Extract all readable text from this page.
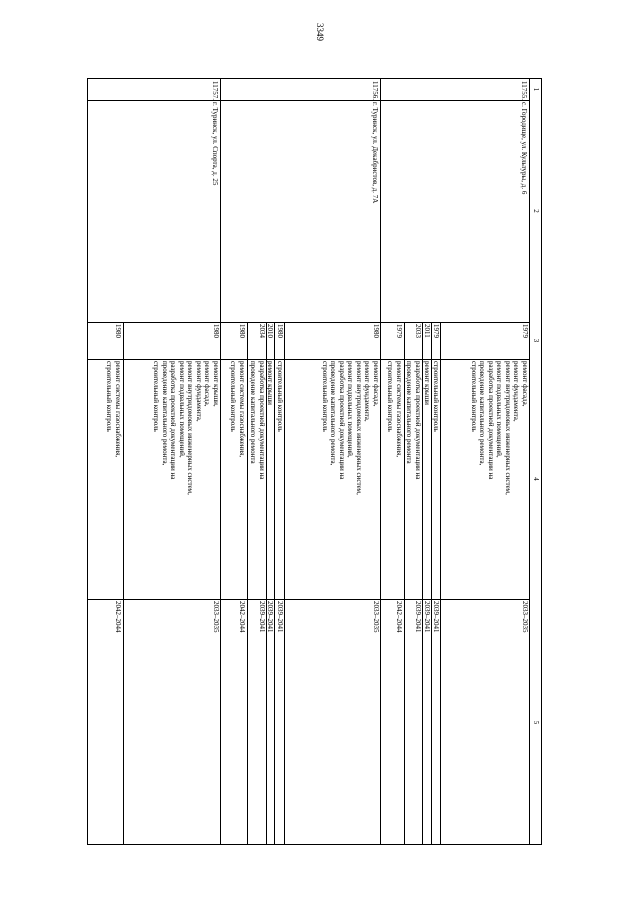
3349
1
2
3
4
5
11755.
с. Городище, ул. Культуры, д. 6
1979
ремонт фасада,
ремонт фундамента,
ремонт внутридомовых инженерных систем,
ремонт подвальных помещений,
разработка проектной документации на
проведение капитального ремонта,
строительный контроль
2033–2035
1979
строительный контроль
2039–2041
2011
ремонт крыши
2039–2041
2033
разработка проектной документации на
проведение капитального ремонта
2039–2041
1979
ремонт системы газоснабжения,
строительный контроль
2042–2044
11756.
г. Туринск, ул. Декабристов, д. 7А
1980
ремонт фасада,
ремонт фундамента,
ремонт внутридомовых инженерных систем,
ремонт подвальных помещений,
разработка проектной документации на
проведение капитального ремонта,
строительный контроль
2033–2035
1980
строительный контроль
2039–2041
2010
ремонт крыши
2039–2041
2034
разработка проектной документации на
проведение капитального ремонта
2039–2041
1980
ремонт системы газоснабжения,
строительный контроль
2042–2044
11757.
г. Туринск, ул. Спорта, д. 25
1980
ремонт крыши,
ремонт фасада,
ремонт фундамента,
ремонт внутридомовых инженерных систем,
ремонт подвальных помещений,
разработка проектной документации на
проведение капитального ремонта,
строительный контроль
2033–2035
1980
ремонт системы газоснабжения,
строительный контроль
2042–2044
